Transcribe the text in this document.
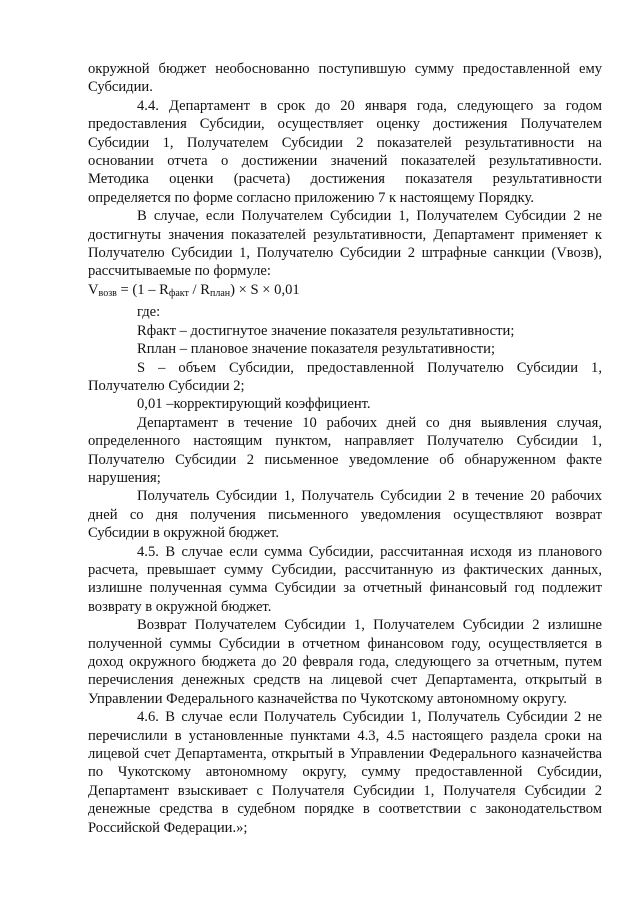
окружной бюджет необоснованно поступившую сумму предоставленной ему Субсидии.

4.4. Департамент в срок до 20 января года, следующего за годом предоставления Субсидии, осуществляет оценку достижения Получателем Субсидии 1, Получателем Субсидии 2 показателей результативности на основании отчета о достижении значений показателей результативности. Методика оценки (расчета) достижения показателя результативности определяется по форме согласно приложению 7 к настоящему Порядку.

В случае, если Получателем Субсидии 1, Получателем Субсидии 2 не достигнуты значения показателей результативности, Департамент применяет к Получателю Субсидии 1, Получателю Субсидии 2 штрафные санкции (Vвозв), рассчитываемые по формуле:

$V_{возв} = (1 - R_{факт} / R_{план}) \times S \times 0,01$

где:

Rфакт – достигнутое значение показателя результативности;

Rплан – плановое значение показателя результативности;

S – объем Субсидии, предоставленной Получателю Субсидии 1, Получателю Субсидии 2;

0,01 –корректирующий коэффициент.

Департамент в течение 10 рабочих дней со дня выявления случая, определенного настоящим пунктом, направляет Получателю Субсидии 1, Получателю Субсидии 2 письменное уведомление об обнаруженном факте нарушения;

Получатель Субсидии 1, Получатель Субсидии 2 в течение 20 рабочих дней со дня получения письменного уведомления осуществляют возврат Субсидии в окружной бюджет.

4.5. В случае если сумма Субсидии, рассчитанная исходя из планового расчета, превышает сумму Субсидии, рассчитанную из фактических данных, излишне полученная сумма Субсидии за отчетный финансовый год подлежит возврату в окружной бюджет.

Возврат Получателем Субсидии 1, Получателем Субсидии 2 излишне полученной суммы Субсидии в отчетном финансовом году, осуществляется в доход окружного бюджета до 20 февраля года, следующего за отчетным, путем перечисления денежных средств на лицевой счет Департамента, открытый в Управлении Федерального казначейства по Чукотскому автономному округу.

4.6. В случае если Получатель Субсидии 1, Получатель Субсидии 2 не перечислили в установленные пунктами 4.3, 4.5 настоящего раздела сроки на лицевой счет Департамента, открытый в Управлении Федерального казначейства по Чукотскому автономному округу, сумму предоставленной Субсидии, Департамент взыскивает с Получателя Субсидии 1, Получателя Субсидии 2 денежные средства в судебном порядке в соответствии с законодательством Российской Федерации.»;
